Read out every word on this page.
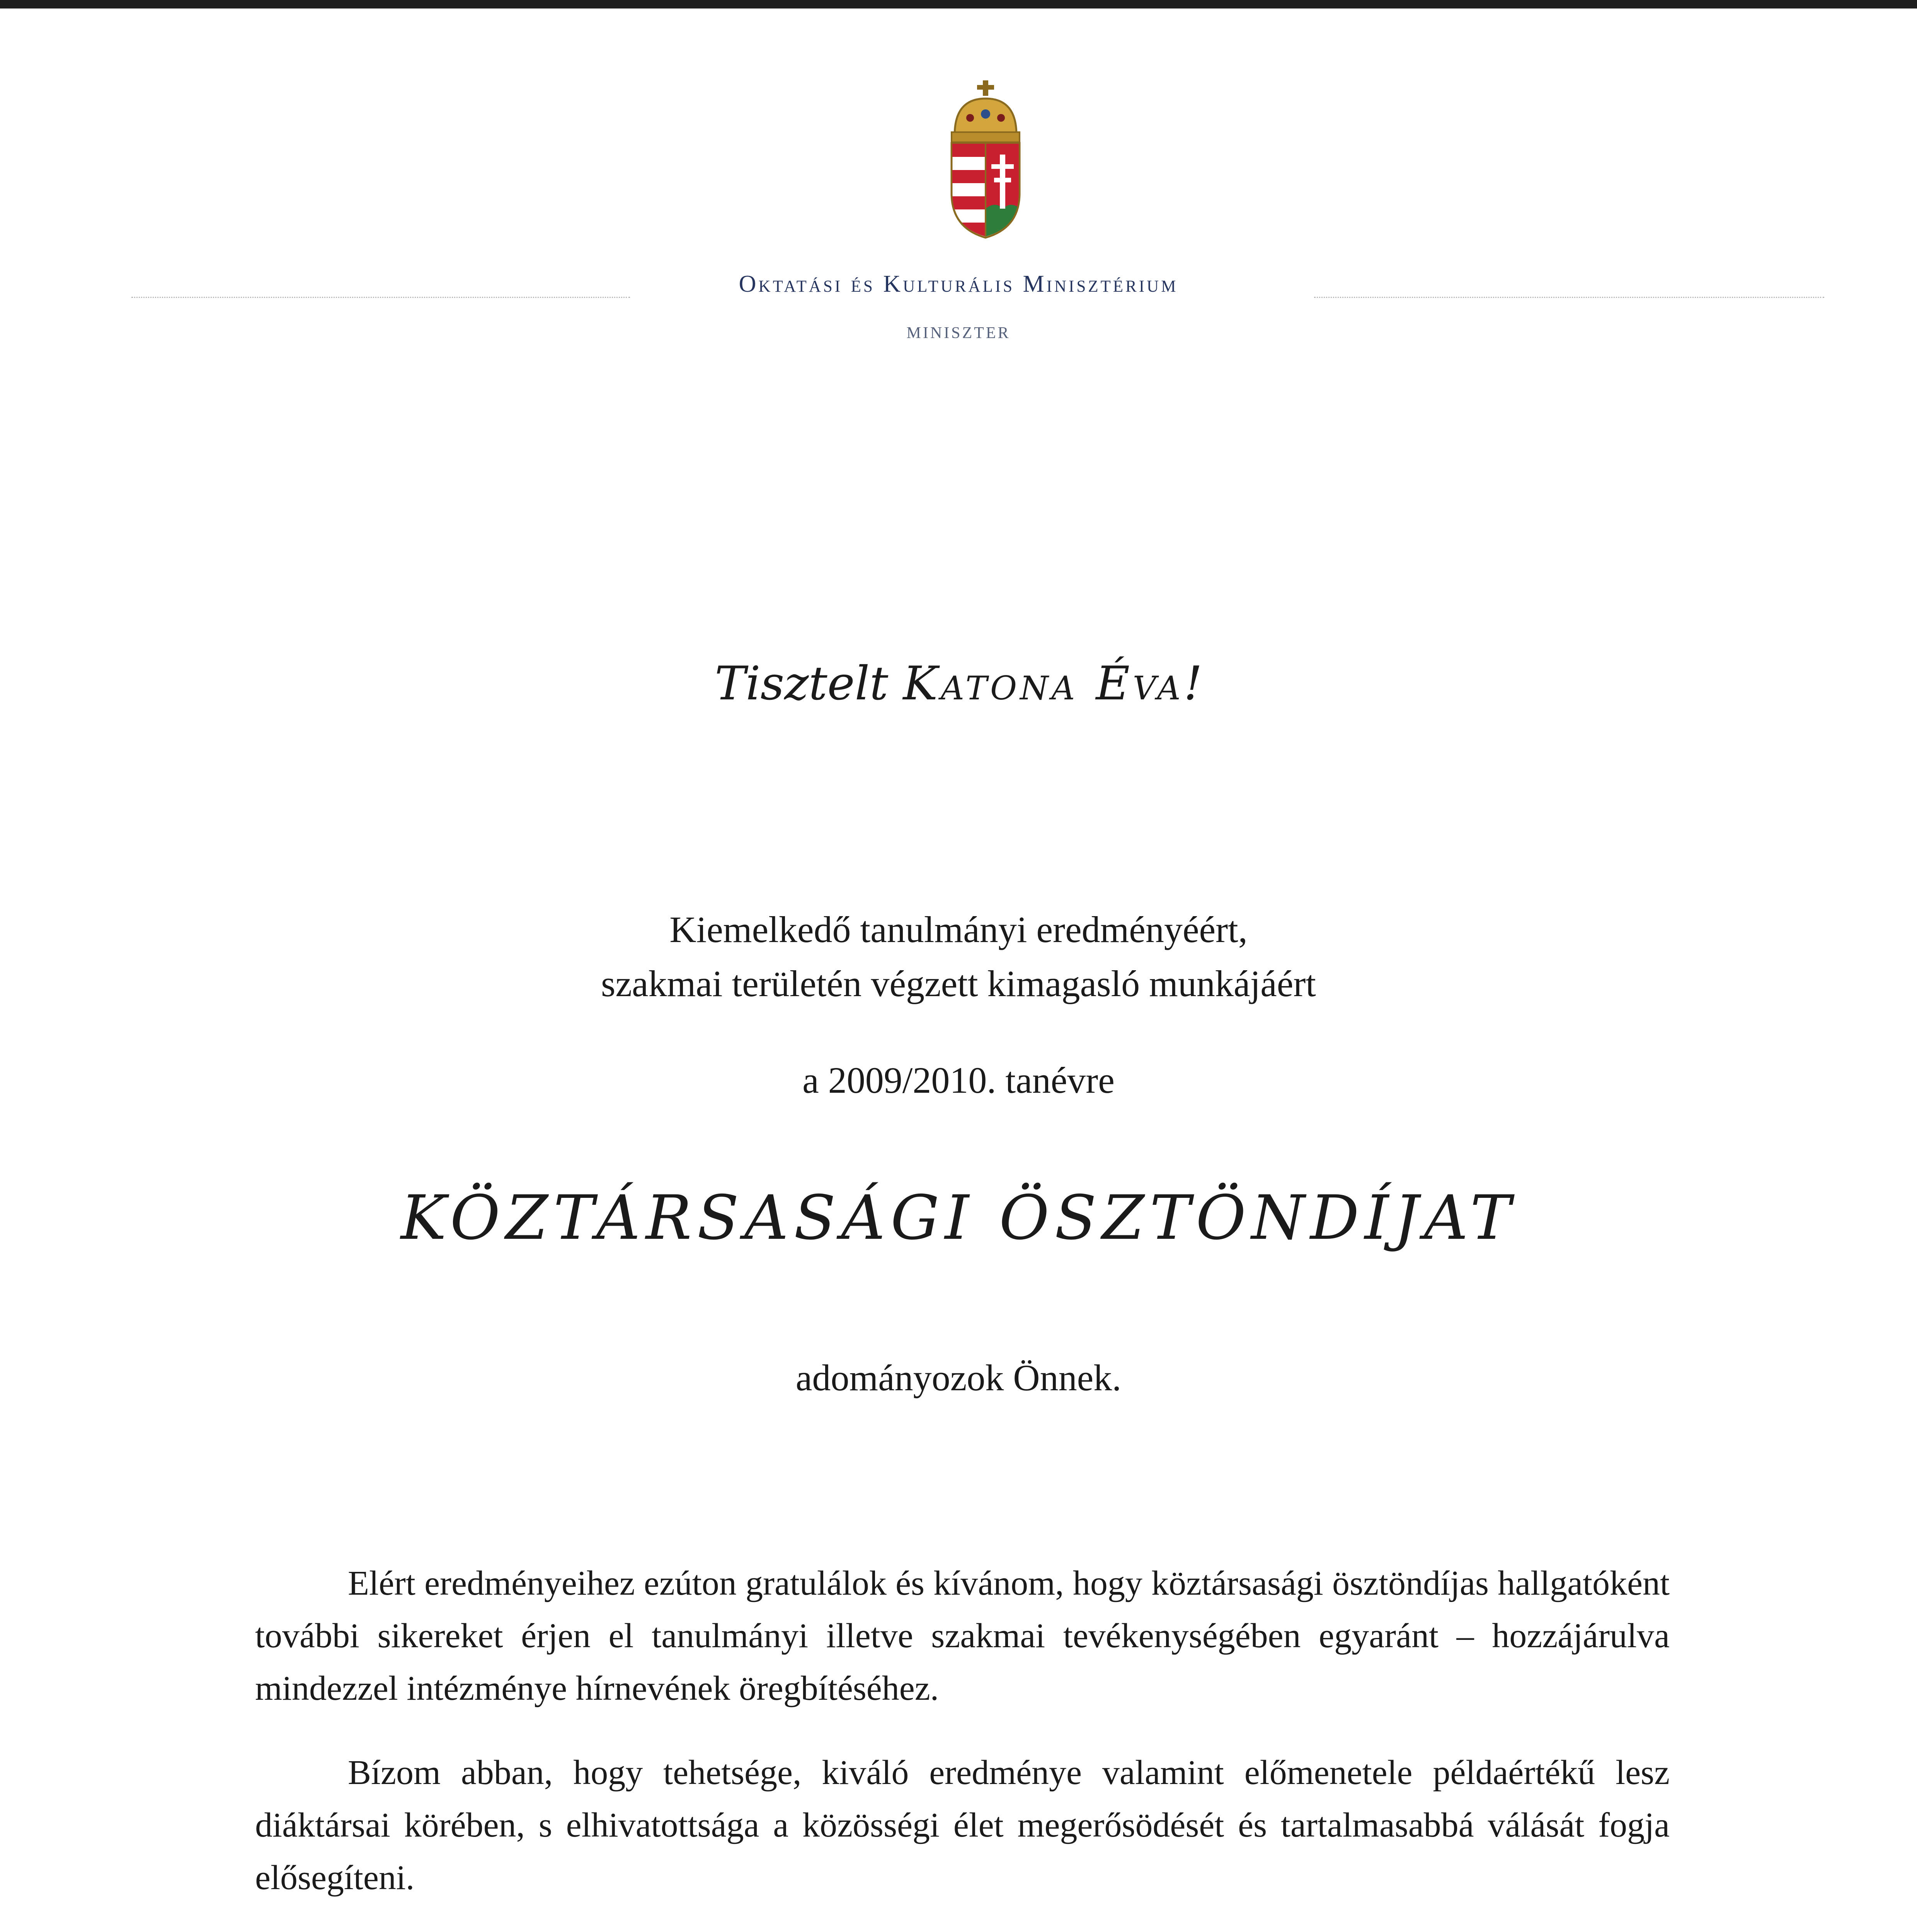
Oktatási és Kulturális Minisztérium
MINISZTER
Tisztelt Katona Éva!
Kiemelkedő tanulmányi eredményéért,
szakmai területén végzett kimagasló munkájáért
a 2009/2010. tanévre
KÖZTÁRSASÁGI ÖSZTÖNDÍJAT
adományozok Önnek.
Elért eredményeihez ezúton gratulálok és kívánom, hogy köztársasági ösztöndíjas hallgatóként további sikereket érjen el tanulmányi illetve szakmai tevékenységében egyaránt – hozzájárulva mindezzel intézménye hírnevének öregbítéséhez.
Bízom abban, hogy tehetsége, kiváló eredménye valamint előmenetele példaértékű lesz diáktársai körében, s elhivatottsága a közösségi élet megerősödését és tartalmasabbá válását fogja elősegíteni.
